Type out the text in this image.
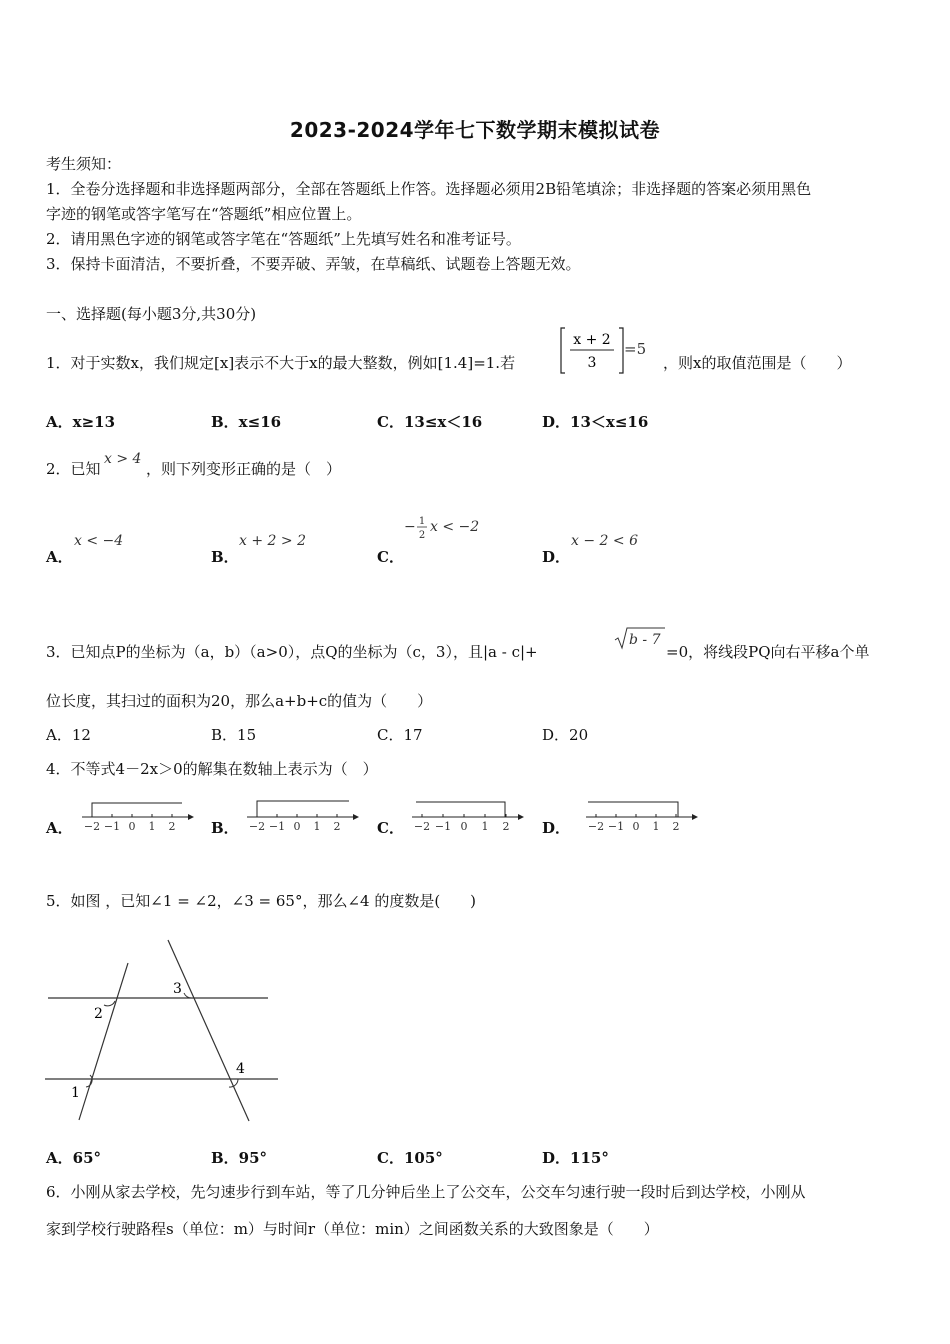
2023-2024学年七下数学期末模拟试卷
考生须知：
1．全卷分选择题和非选择题两部分，全部在答题纸上作答。选择题必须用2B铅笔填涂；非选择题的答案必须用黑色
字迹的钢笔或答字笔写在“答题纸”相应位置上。
2．请用黑色字迹的钢笔或答字笔在“答题纸”上先填写姓名和准考证号。
3．保持卡面清洁，不要折叠，不要弄破、弄皱，在草稿纸、试题卷上答题无效。
一、选择题(每小题3分,共30分)
1．对于实数x，我们规定[x]表示不大于x的最大整数，例如[1.4]=1.若
x + 2
3
=5
，则x的取值范围是（　　）
A．x≥13	B．x≤16	C．13≤x＜16	D．13＜x≤16
2．已知
x > 4
，则下列变形正确的是（　）
A．
x < −4
B．
x + 2 > 2
C．
− 1
2
x < −2
D．
x − 2 < 6
3．已知点P的坐标为（a，b）（a>0），点Q的坐标为（c，3），且|a - c|+
b - 7
=0，将线段PQ向右平移a个单
位长度，其扫过的面积为20，那么a+b+c的值为（　　）
A．12	B．15	C．17	D．20
4．不等式4－2x＞0的解集在数轴上表示为（　）
A．	B．	C．	D．
−2 −1 0 1 2	−2 −1 0 1 2	−2 −1 0 1 2	−2 −1 0 1 2
5．如图 ，已知∠1 = ∠2，∠3 = 65°，那么∠4 的度数是(　　)
2
1
3
4
A．65°	B．95°	C．105°	D．115°
6．小刚从家去学校，先匀速步行到车站，等了几分钟后坐上了公交车，公交车匀速行驶一段时后到达学校，小刚从
家到学校行驶路程s（单位：m）与时间r（单位：min）之间函数关系的大致图象是（　　）
